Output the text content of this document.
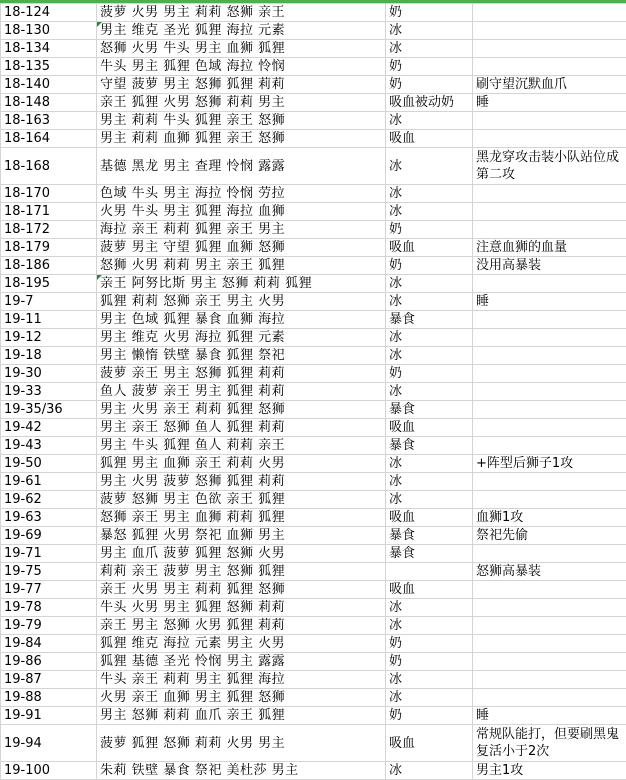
18-124	菠萝 火男 男主 莉莉 怒狮 亲王	奶	
18-130	男主 维克 圣光 狐狸 海拉 元素	冰	
18-134	怒狮 火男 牛头 男主 血狮 狐狸	冰	
18-135	牛头 男主 狐狸 色域 海拉 怜悯	奶	
18-140	守望 菠萝 男主 怒狮 狐狸 莉莉	奶	刷守望沉默血爪
18-148	亲王 狐狸 火男 怒狮 莉莉 男主	吸血被动奶	睡
18-163	男主 莉莉 牛头 狐狸 亲王 怒狮	冰	
18-164	男主 莉莉 血狮 狐狸 亲王 怒狮	吸血	
18-168	基德 黑龙 男主 查理 怜悯 露露	冰	黑龙穿攻击装小队站位成第二攻
18-170	色域 牛头 男主 海拉 怜悯 劳拉	冰	
18-171	火男 牛头 男主 狐狸 海拉 血狮	冰	
18-172	海拉 亲王 莉莉 狐狸 亲王 男主	奶	
18-179	菠萝 男主 守望 狐狸 血狮 怒狮	吸血	注意血狮的血量
18-186	怒狮 火男 莉莉 男主 亲王 狐狸	奶	没用高暴装
18-195	亲王 阿努比斯 男主 怒狮 莉莉 狐狸	冰	
19-7	狐狸 莉莉 怒狮 亲王 男主 火男	冰	睡
19-11	男主 色域 狐狸 暴食 血狮 海拉	暴食	
19-12	男主 维克 火男 海拉 狐狸 元素	冰	
19-18	男主 懒惰 铁壁 暴食 狐狸 祭祀	冰	
19-30	菠萝 亲王 男主 怒狮 狐狸 莉莉	奶	
19-33	鱼人 菠萝 亲王 男主 狐狸 莉莉	冰	
19-35/36	男主 火男 亲王 莉莉 狐狸 怒狮	暴食	
19-42	男主 亲王 怒狮 鱼人 狐狸 莉莉	吸血	
19-43	男主 牛头 狐狸 鱼人 莉莉 亲王	暴食	
19-50	狐狸 男主 血狮 亲王 莉莉 火男	冰	+阵型后狮子1攻
19-61	男主 火男 菠萝 怒狮 狐狸 莉莉	冰	
19-62	菠萝 怒狮 男主 色欲 亲王 狐狸	冰	
19-63	怒狮 亲王 男主 血狮 莉莉 狐狸	吸血	血狮1攻
19-69	暴怒 狐狸 火男 祭祀 血狮 男主	暴食	祭祀先偷
19-71	男主 血爪 菠萝 狐狸 怒狮 火男	暴食	
19-75	莉莉 亲王 菠萝 男主 怒狮 狐狸		怒狮高暴装
19-77	亲王 火男 男主 莉莉 狐狸 怒狮	吸血	
19-78	牛头 火男 男主 狐狸 怒狮 莉莉	冰	
19-79	亲王 男主 怒狮 火男 狐狸 莉莉	冰	
19-84	狐狸 维克 海拉 元素 男主 火男	奶	
19-86	狐狸 基德 圣光 怜悯 男主 露露	奶	
19-87	牛头 亲王 莉莉 男主 狐狸 海拉	冰	
19-88	火男 亲王 血狮 男主 狐狸 怒狮	冰	
19-91	男主 怒狮 莉莉 血爪 亲王 狐狸	奶	睡
19-94	菠萝 狐狸 怒狮 莉莉 火男 男主	吸血	常规队能打，但要刷黑鬼复活小于2次
19-100	朱莉 铁壁 暴食 祭祀 美杜莎 男主	冰	男主1攻
